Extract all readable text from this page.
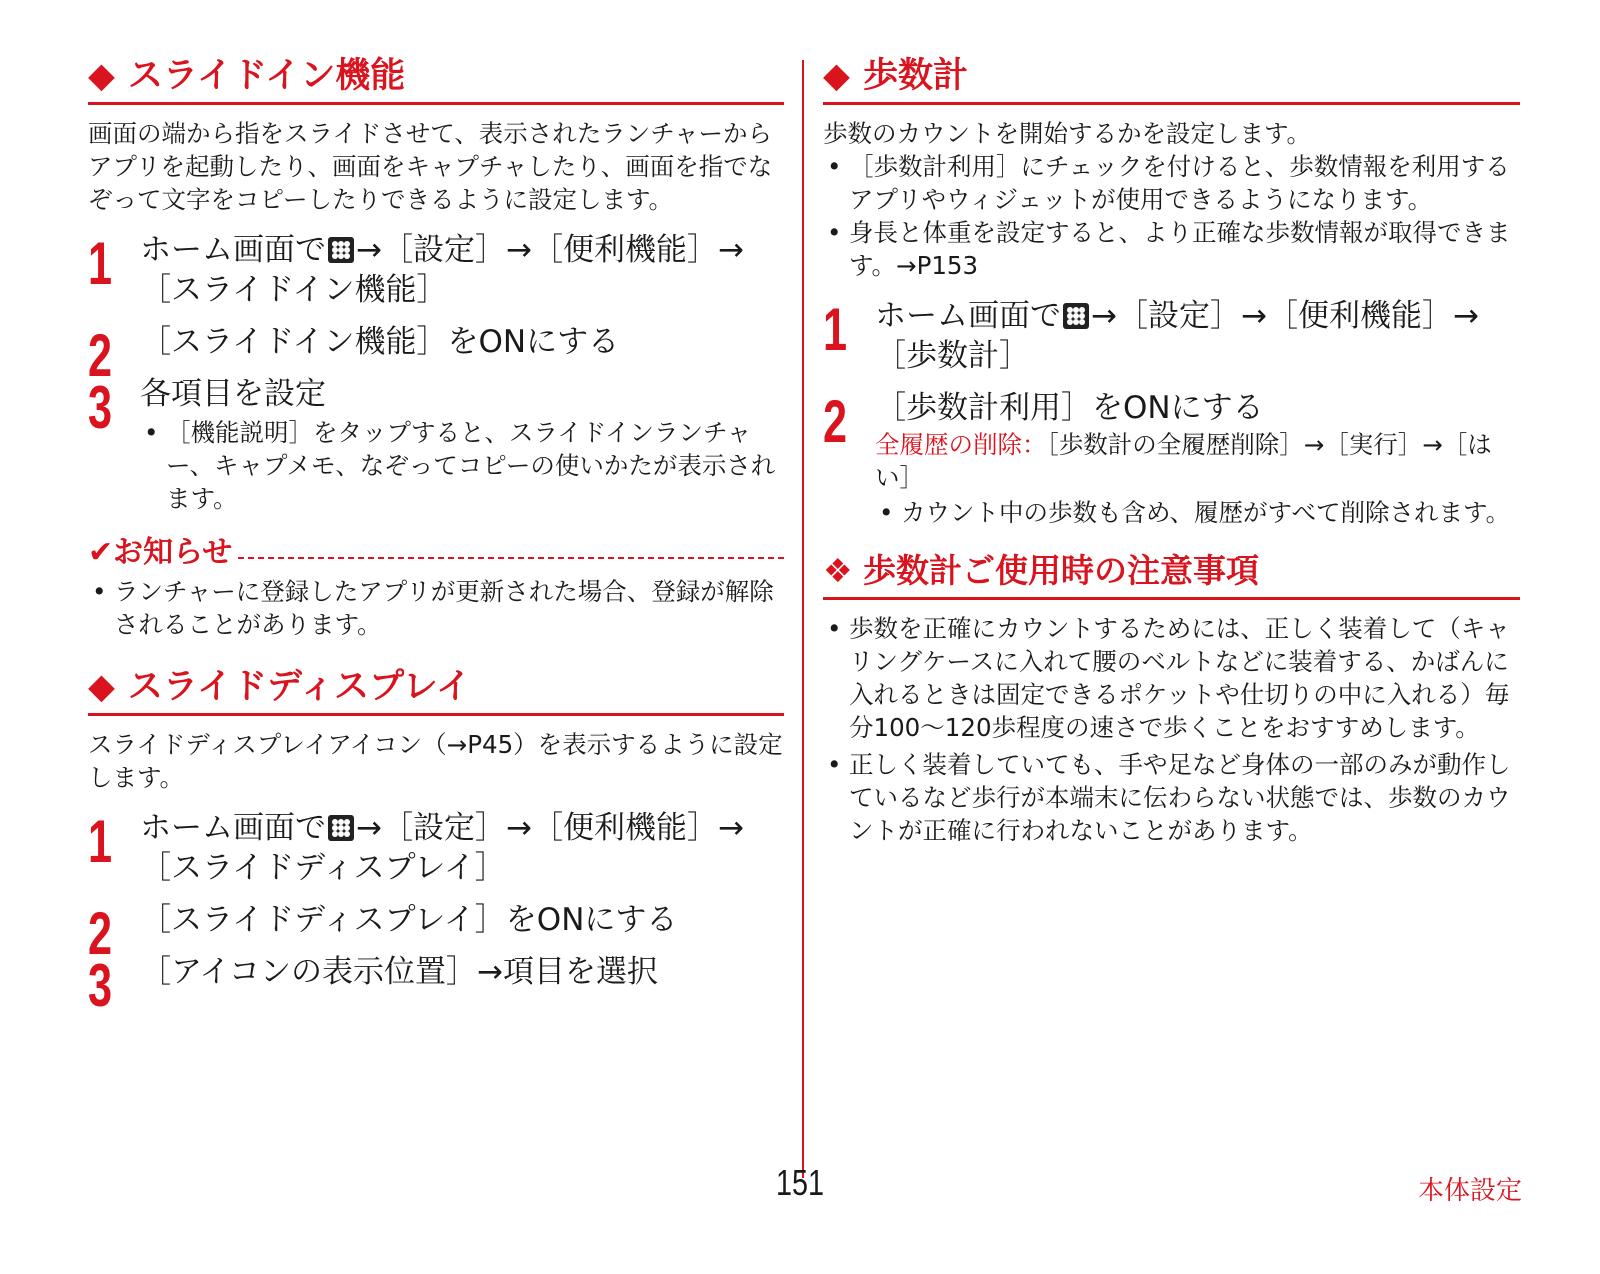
◆ スライドイン機能

画面の端から指をスライドさせて、表示されたランチャーからアプリを起動したり、画面をキャプチャしたり、画面を指でなぞって文字をコピーしたりできるように設定します。

1 ホーム画面で →［設定］→［便利機能］→［スライドイン機能］
2 ［スライドイン機能］をONにする
3 各項目を設定
• ［機能説明］をタップすると、スライドインランチャー、キャプメモ、なぞってコピーの使いかたが表示されます。
✔お知らせ
• ランチャーに登録したアプリが更新された場合、登録が解除されることがあります。
◆ スライドディスプレイ

スライドディスプレイアイコン（→P45）を表示するように設定します。

1 ホーム画面で →［設定］→［便利機能］→［スライドディスプレイ］
2 ［スライドディスプレイ］をONにする
3 ［アイコンの表示位置］→項目を選択
◆ 歩数計

歩数のカウントを開始するかを設定します。

• ［歩数計利用］にチェックを付けると、歩数情報を利用するアプリやウィジェットが使用できるようになります。
• 身長と体重を設定すると、より正確な歩数情報が取得できます。→P153
1 ホーム画面で →［設定］→［便利機能］→［歩数計］
2 ［歩数計利用］をONにする
全履歴の削除：［歩数計の全履歴削除］→［実行］→［はい］
• カウント中の歩数も含め、履歴がすべて削除されます。
❖ 歩数計ご使用時の注意事項
• 歩数を正確にカウントするためには、正しく装着して（キャリングケースに入れて腰のベルトなどに装着する、かばんに入れるときは固定できるポケットや仕切りの中に入れる）毎分100～120歩程度の速さで歩くことをおすすめします。
• 正しく装着していても、手や足など身体の一部のみが動作しているなど歩行が本端末に伝わらない状態では、歩数のカウントが正確に行われないことがあります。
151	本体設定
